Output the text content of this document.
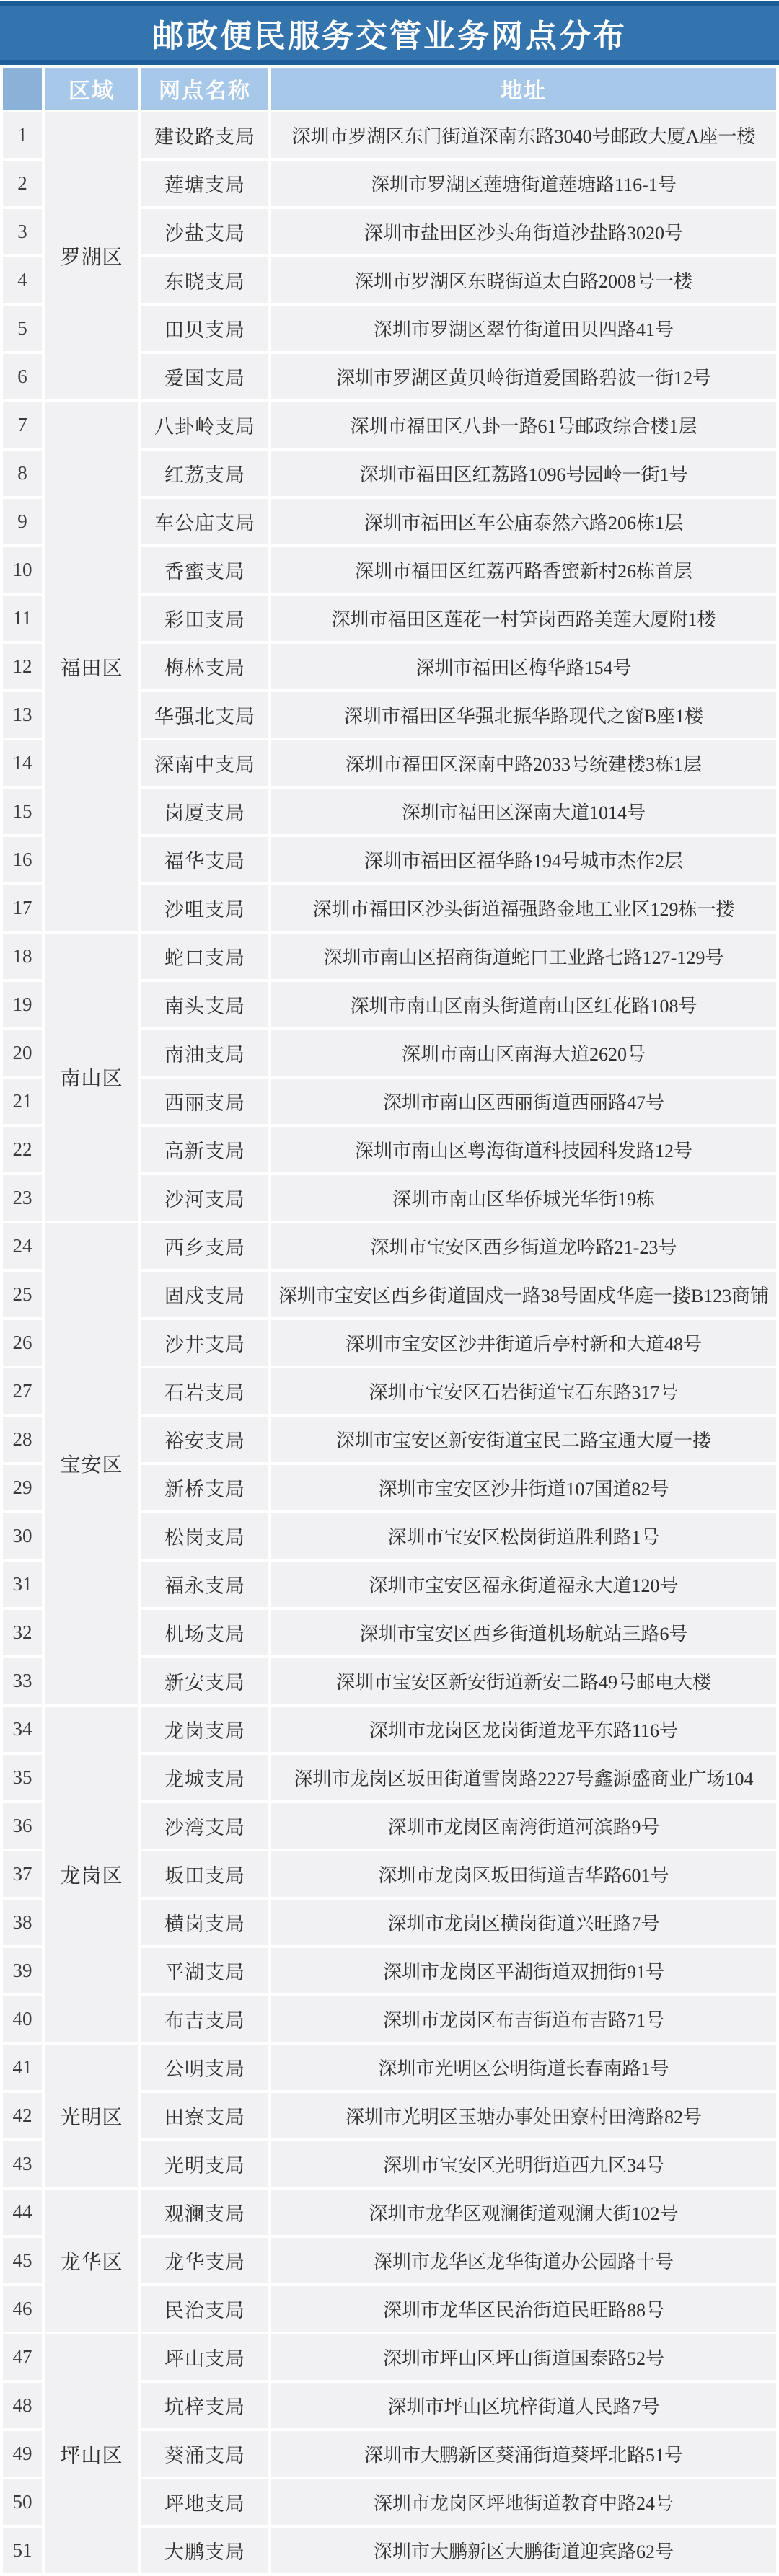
邮政便民服务交管业务网点分布
	区域	网点名称	地址
1	罗湖区	建设路支局	深圳市罗湖区东门街道深南东路3040号邮政大厦A座一楼
2		莲塘支局	深圳市罗湖区莲塘街道莲塘路116-1号
3		沙盐支局	深圳市盐田区沙头角街道沙盐路3020号
4		东晓支局	深圳市罗湖区东晓街道太白路2008号一楼
5		田贝支局	深圳市罗湖区翠竹街道田贝四路41号
6		爱国支局	深圳市罗湖区黄贝岭街道爱国路碧波一街12号
7	福田区	八卦岭支局	深圳市福田区八卦一路61号邮政综合楼1层
8		红荔支局	深圳市福田区红荔路1096号园岭一街1号
9		车公庙支局	深圳市福田区车公庙泰然六路206栋1层
10		香蜜支局	深圳市福田区红荔西路香蜜新村26栋首层
11		彩田支局	深圳市福田区莲花一村笋岗西路美莲大厦附1楼
12		梅林支局	深圳市福田区梅华路154号
13		华强北支局	深圳市福田区华强北振华路现代之窗B座1楼
14		深南中支局	深圳市福田区深南中路2033号统建楼3栋1层
15		岗厦支局	深圳市福田区深南大道1014号
16		福华支局	深圳市福田区福华路194号城市杰作2层
17		沙咀支局	深圳市福田区沙头街道福强路金地工业区129栋一搂
18	南山区	蛇口支局	深圳市南山区招商街道蛇口工业路七路127-129号
19		南头支局	深圳市南山区南头街道南山区红花路108号
20		南油支局	深圳市南山区南海大道2620号
21		西丽支局	深圳市南山区西丽街道西丽路47号
22		高新支局	深圳市南山区粤海街道科技园科发路12号
23		沙河支局	深圳市南山区华侨城光华街19栋
24	宝安区	西乡支局	深圳市宝安区西乡街道龙吟路21-23号
25		固戍支局	深圳市宝安区西乡街道固戍一路38号固戍华庭一搂B123商铺
26		沙井支局	深圳市宝安区沙井街道后亭村新和大道48号
27		石岩支局	深圳市宝安区石岩街道宝石东路317号
28		裕安支局	深圳市宝安区新安街道宝民二路宝通大厦一搂
29		新桥支局	深圳市宝安区沙井街道107国道82号
30		松岗支局	深圳市宝安区松岗街道胜利路1号
31		福永支局	深圳市宝安区福永街道福永大道120号
32		机场支局	深圳市宝安区西乡街道机场航站三路6号
33		新安支局	深圳市宝安区新安街道新安二路49号邮电大楼
34	龙岗区	龙岗支局	深圳市龙岗区龙岗街道龙平东路116号
35		龙城支局	深圳市龙岗区坂田街道雪岗路2227号鑫源盛商业广场104
36		沙湾支局	深圳市龙岗区南湾街道河滨路9号
37		坂田支局	深圳市龙岗区坂田街道吉华路601号
38		横岗支局	深圳市龙岗区横岗街道兴旺路7号
39		平湖支局	深圳市龙岗区平湖街道双拥街91号
40		布吉支局	深圳市龙岗区布吉街道布吉路71号
41	光明区	公明支局	深圳市光明区公明街道长春南路1号
42		田寮支局	深圳市光明区玉塘办事处田寮村田湾路82号
43		光明支局	深圳市宝安区光明街道西九区34号
44	龙华区	观澜支局	深圳市龙华区观澜街道观澜大街102号
45		龙华支局	深圳市龙华区龙华街道办公园路十号
46		民治支局	深圳市龙华区民治街道民旺路88号
47	坪山区	坪山支局	深圳市坪山区坪山街道国泰路52号
48		坑梓支局	深圳市坪山区坑梓街道人民路7号
49		葵涌支局	深圳市大鹏新区葵涌街道葵坪北路51号
50		坪地支局	深圳市龙岗区坪地街道教育中路24号
51		大鹏支局	深圳市大鹏新区大鹏街道迎宾路62号
